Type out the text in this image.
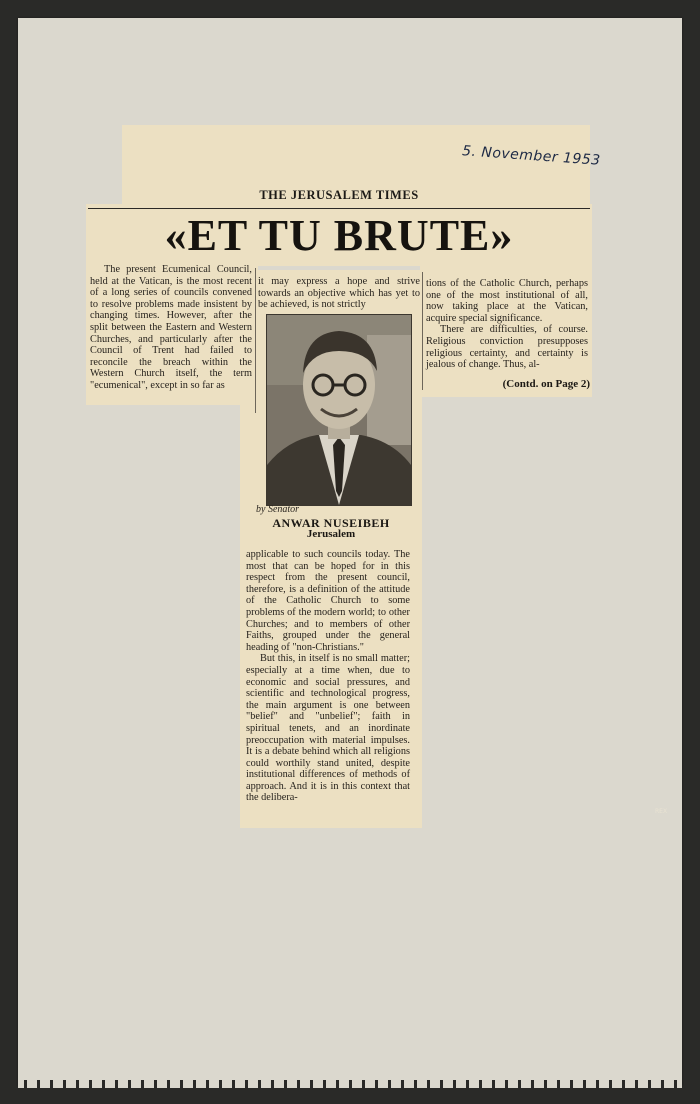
5. November 1953
THE JERUSALEM TIMES
«ET TU BRUTE»

The present Ecumenical Council, held at the Vatican, is the most recent of a long series of councils convened to resolve problems made insistent by changing times. However, after the split between the Eastern and Western Churches, and particularly after the Council of Trent had failed to reconcile the breach within the Western Church itself, the term "ecumenical", except in so far as

it may express a hope and strive towards an objective which has yet to be achieved, is not strictly

tions of the Catholic Church, perhaps one of the most institutional of all, now taking place at the Vatican, acquire special significance.

There are difficulties, of course. Religious conviction presupposes religious certainty, and certainty is jealous of change. Thus, al-

(Contd. on Page 2)
REX
by Senator
ANWAR NUSEIBEH
Jerusalem

applicable to such councils today. The most that can be hoped for in this respect from the present council, therefore, is a definition of the attitude of the Catholic Church to some problems of the modern world; to other Churches; and to members of other Faiths, grouped under the general heading of "non-Christians."

But this, in itself is no small matter; especially at a time when, due to economic and social pressures, and scientific and technological progress, the main argument is one between "belief" and "unbelief"; faith in spiritual tenets, and an inordinate preoccupation with material impulses. It is a debate behind which all religions could worthily stand united, despite institutional differences of methods of approach. And it is in this context that the delibera-
